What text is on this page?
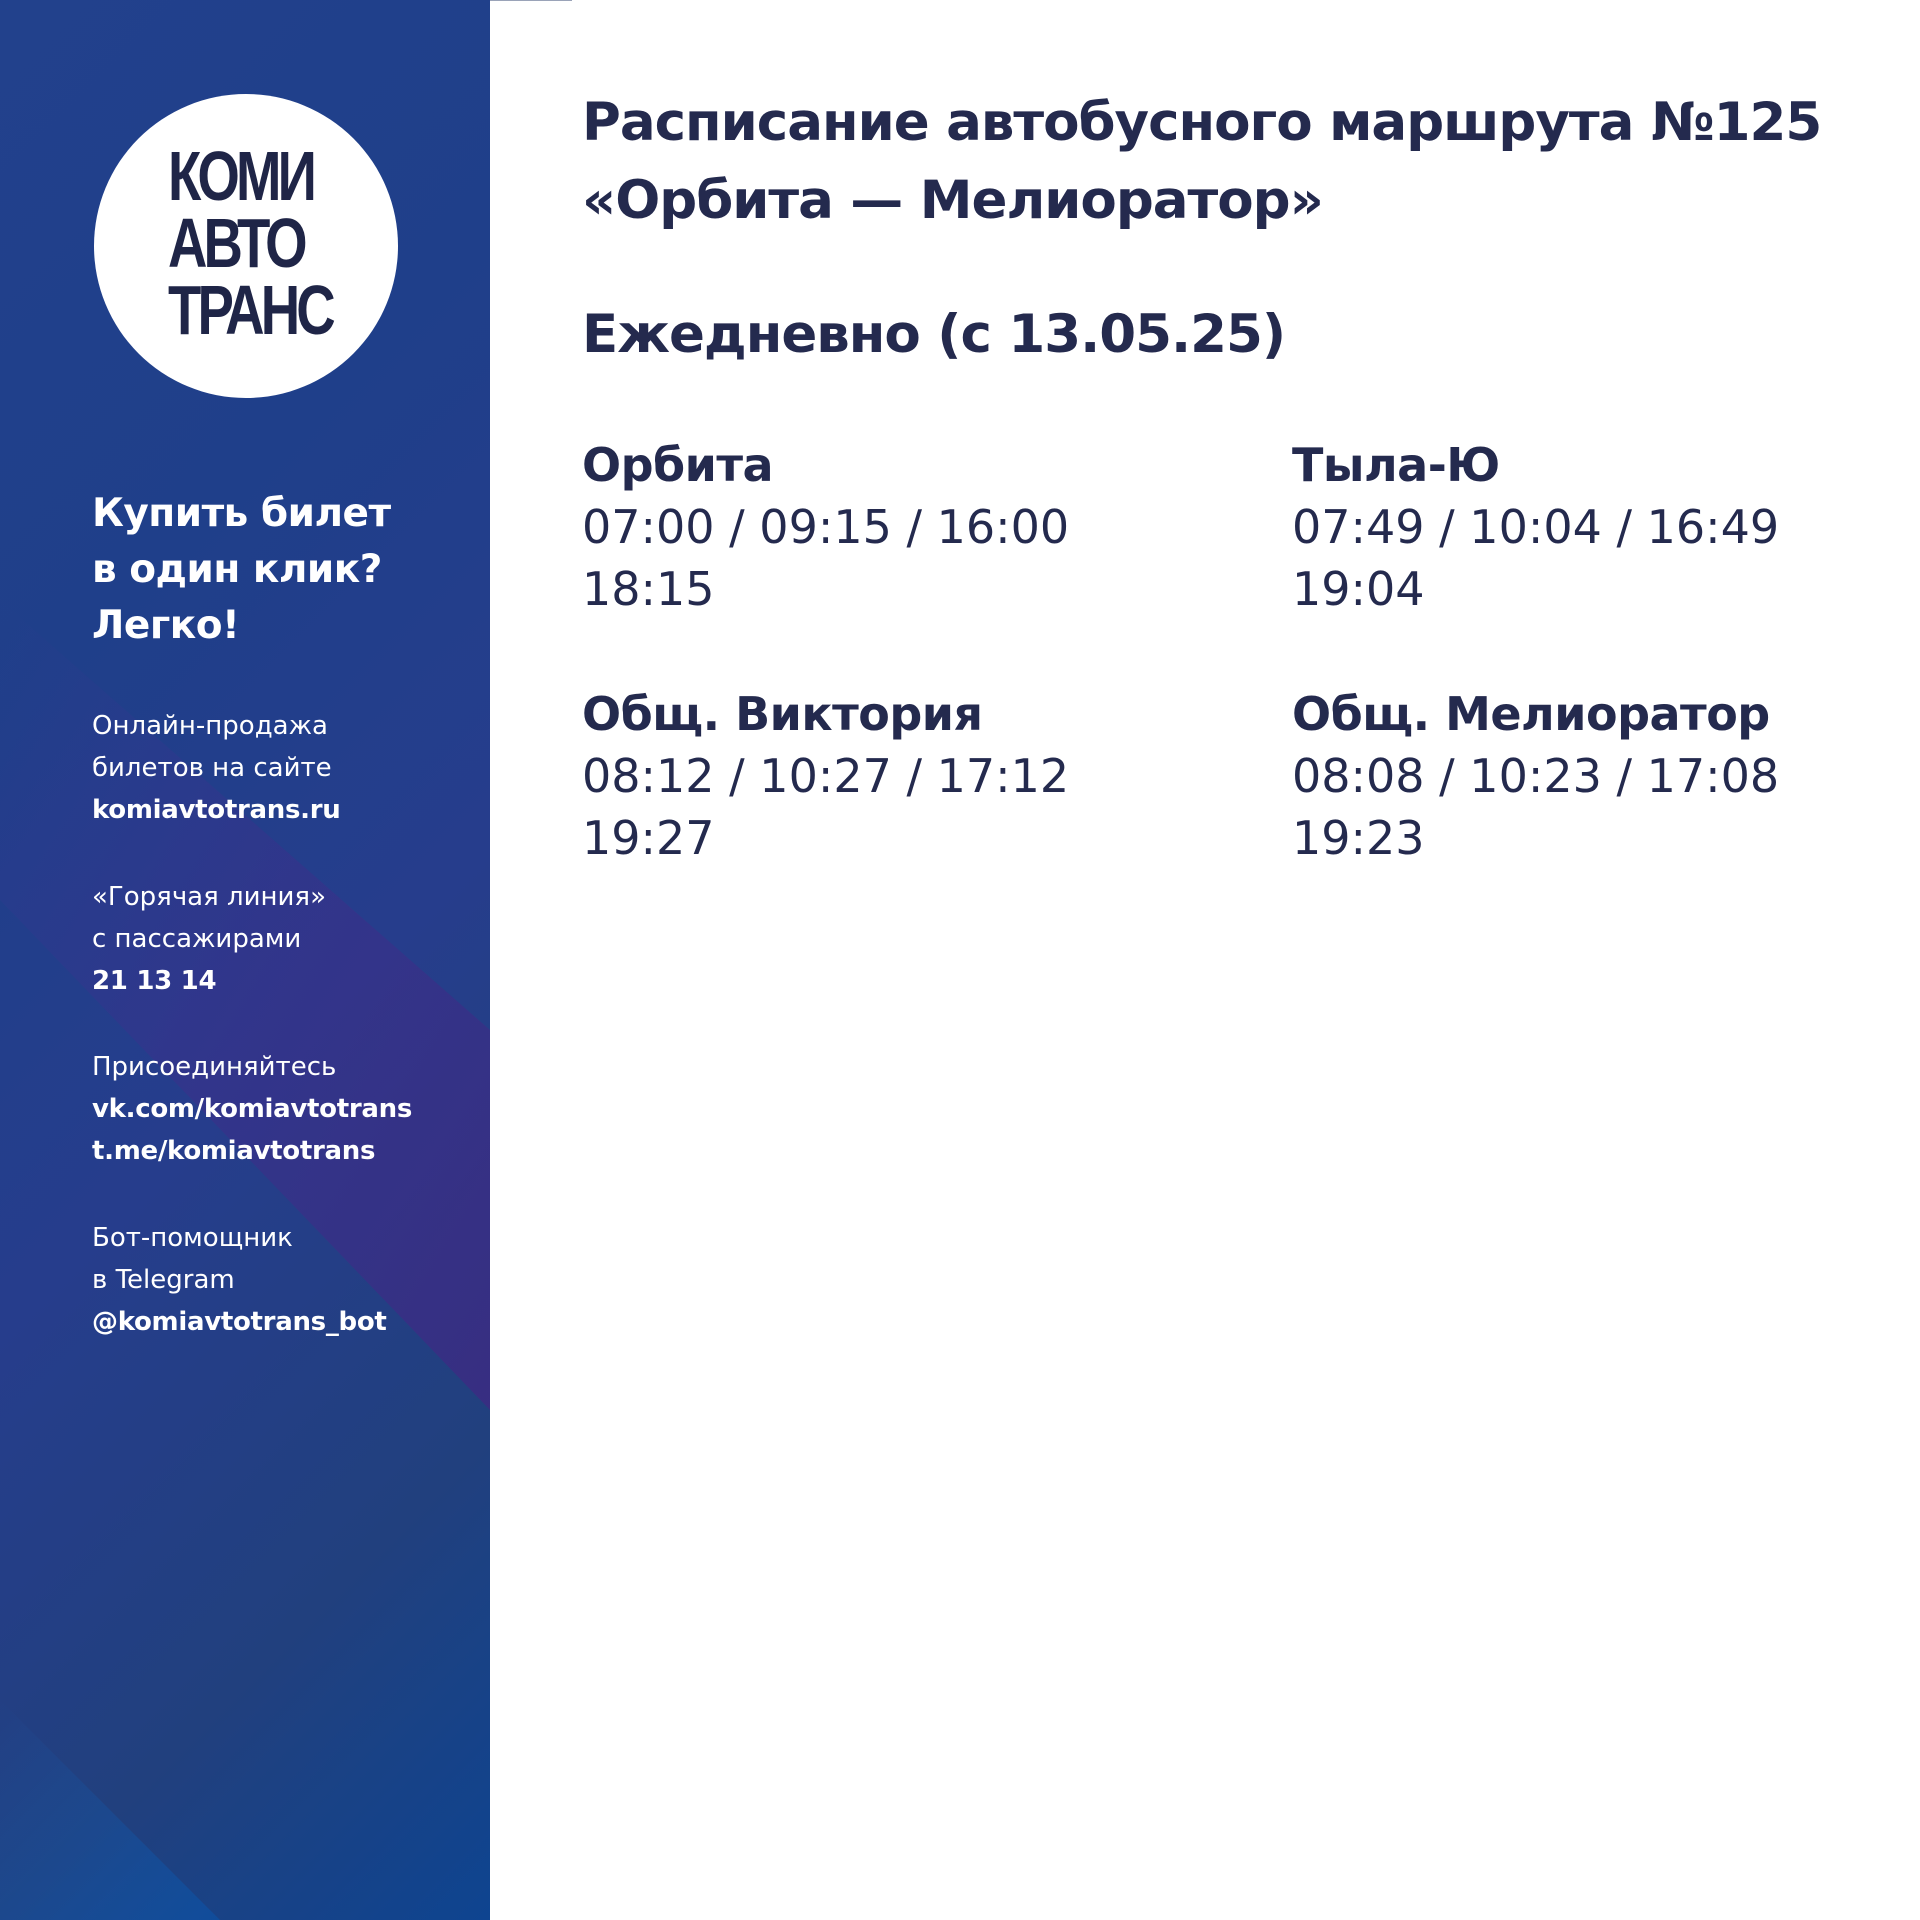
КОМИ
АВТО
ТРАНС
Купить билет
в один клик?
Легко!
Онлайн-продажа
билетов на сайте
komiavtotrans.ru
«Горячая линия»
с пассажирами
21 13 14
Присоединяйтесь
vk.com/komiavtotrans
t.me/komiavtotrans
Бот-помощник
в Telegram
@komiavtotrans_bot
Расписание автобусного маршрута №125
«Орбита — Мелиоратор»
Ежедневно (с 13.05.25)
Орбита
07:00 / 09:15 / 16:00
18:15
Тыла-Ю
07:49 / 10:04 / 16:49
19:04
Общ. Виктория
08:12 / 10:27 / 17:12
19:27
Общ. Мелиоратор
08:08 / 10:23 / 17:08
19:23
